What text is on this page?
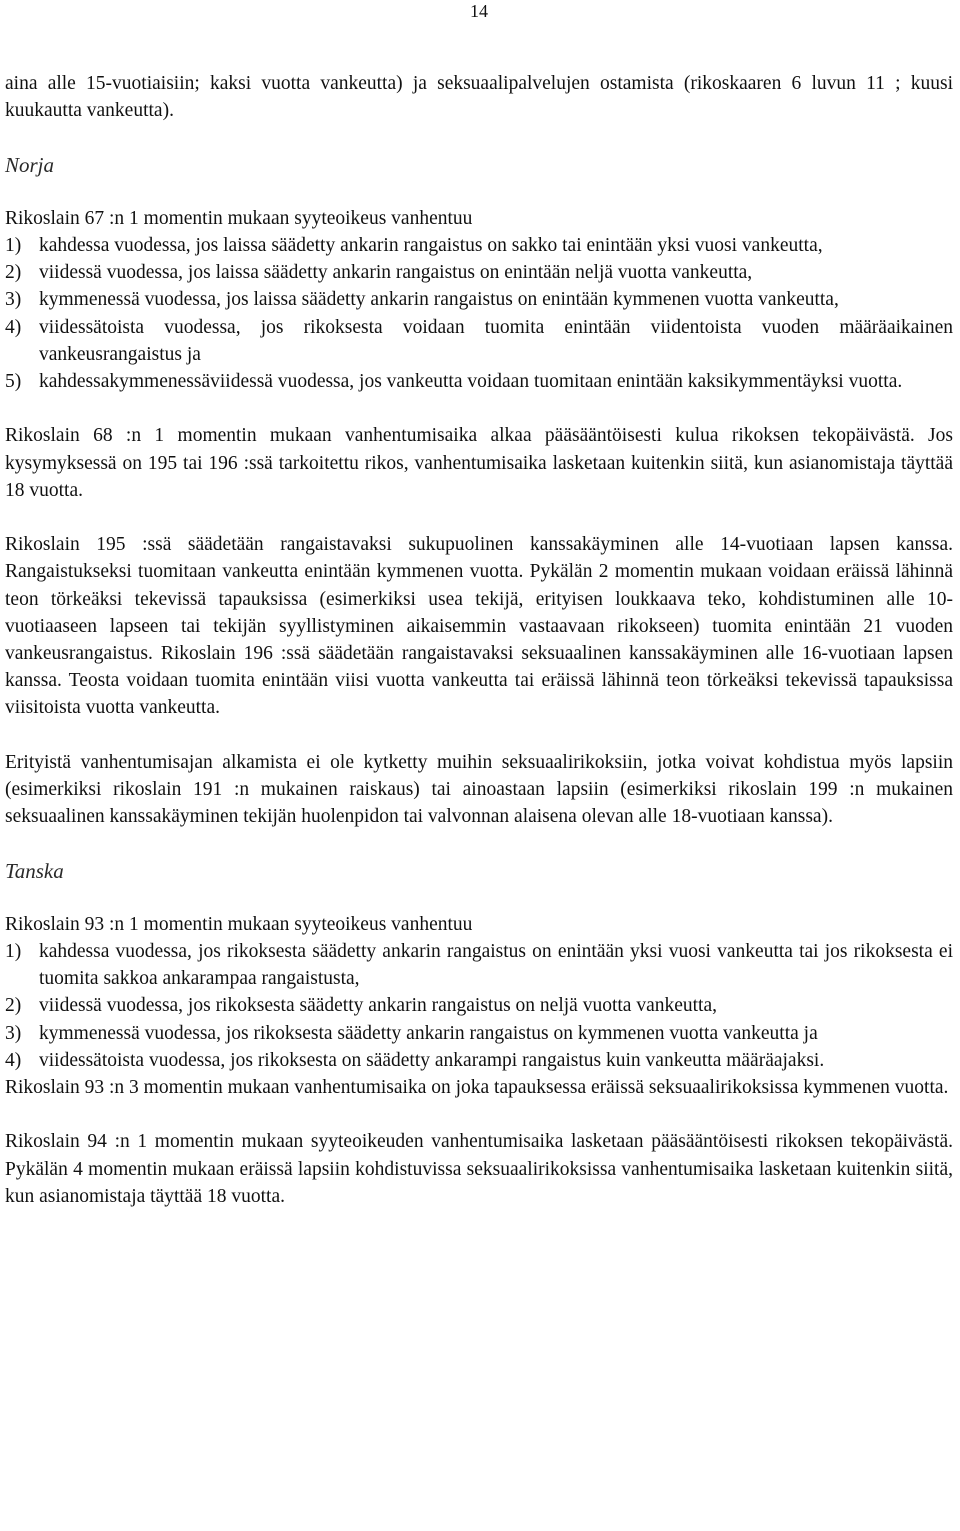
14

aina alle 15-vuotiaisiin; kaksi vuotta vankeutta) ja seksuaalipalvelujen ostamista (rikoskaaren 6 luvun 11 ; kuusi kuukautta vankeutta).

Norja

Rikoslain 67 :n 1 momentin mukaan syyteoikeus vanhentuu

1) kahdessa vuodessa, jos laissa säädetty ankarin rangaistus on sakko tai enintään yksi vuosi vankeutta,
2) viidessä vuodessa, jos laissa säädetty ankarin rangaistus on enintään neljä vuotta vankeutta,
3) kymmenessä vuodessa, jos laissa säädetty ankarin rangaistus on enintään kymmenen vuotta vankeutta,
4) viidessätoista vuodessa, jos rikoksesta voidaan tuomita enintään viidentoista vuoden määräaikainen vankeusrangaistus ja
5) kahdessakymmenessäviidessä vuodessa, jos vankeutta voidaan tuomitaan enintään kaksikymmentäyksi vuotta.

Rikoslain 68 :n 1 momentin mukaan vanhentumisaika alkaa pääsääntöisesti kulua rikoksen tekopäivästä. Jos kysymyksessä on 195 tai 196 :ssä tarkoitettu rikos, vanhentumisaika lasketaan kuitenkin siitä, kun asianomistaja täyttää 18 vuotta.

Rikoslain 195 :ssä säädetään rangaistavaksi sukupuolinen kanssakäyminen alle 14-vuotiaan lapsen kanssa. Rangaistukseksi tuomitaan vankeutta enintään kymmenen vuotta. Pykälän 2 momentin mukaan voidaan eräissä lähinnä teon törkeäksi tekevissä tapauksissa (esimerkiksi usea tekijä, erityisen loukkaava teko, kohdistuminen alle 10-vuotiaaseen lapseen tai tekijän syyllistyminen aikaisemmin vastaavaan rikokseen) tuomita enintään 21 vuoden vankeusrangaistus. Rikoslain 196 :ssä säädetään rangaistavaksi seksuaalinen kanssakäyminen alle 16-vuotiaan lapsen kanssa. Teosta voidaan tuomita enintään viisi vuotta vankeutta tai eräissä lähinnä teon törkeäksi tekevissä tapauksissa viisitoista vuotta vankeutta.

Erityistä vanhentumisajan alkamista ei ole kytketty muihin seksuaalirikoksiin, jotka voivat kohdistua myös lapsiin (esimerkiksi rikoslain 191 :n mukainen raiskaus) tai ainoastaan lapsiin (esimerkiksi rikoslain 199 :n mukainen seksuaalinen kanssakäyminen tekijän huolenpidon tai valvonnan alaisena olevan alle 18-vuotiaan kanssa).

Tanska

Rikoslain 93 :n 1 momentin mukaan syyteoikeus vanhentuu

1) kahdessa vuodessa, jos rikoksesta säädetty ankarin rangaistus on enintään yksi vuosi vankeutta tai jos rikoksesta ei tuomita sakkoa ankarampaa rangaistusta,
2) viidessä vuodessa, jos rikoksesta säädetty ankarin rangaistus on neljä vuotta vankeutta,
3) kymmenessä vuodessa, jos rikoksesta säädetty ankarin rangaistus on kymmenen vuotta vankeutta ja
4) viidessätoista vuodessa, jos rikoksesta on säädetty ankarampi rangaistus kuin vankeutta määräajaksi.

Rikoslain 93 :n 3 momentin mukaan vanhentumisaika on joka tapauksessa eräissä seksuaalirikoksissa kymmenen vuotta.

Rikoslain 94 :n 1 momentin mukaan syyteoikeuden vanhentumisaika lasketaan pääsääntöisesti rikoksen tekopäivästä. Pykälän 4 momentin mukaan eräissä lapsiin kohdistuvissa seksuaalirikoksissa vanhentumisaika lasketaan kuitenkin siitä, kun asianomistaja täyttää 18 vuotta.
